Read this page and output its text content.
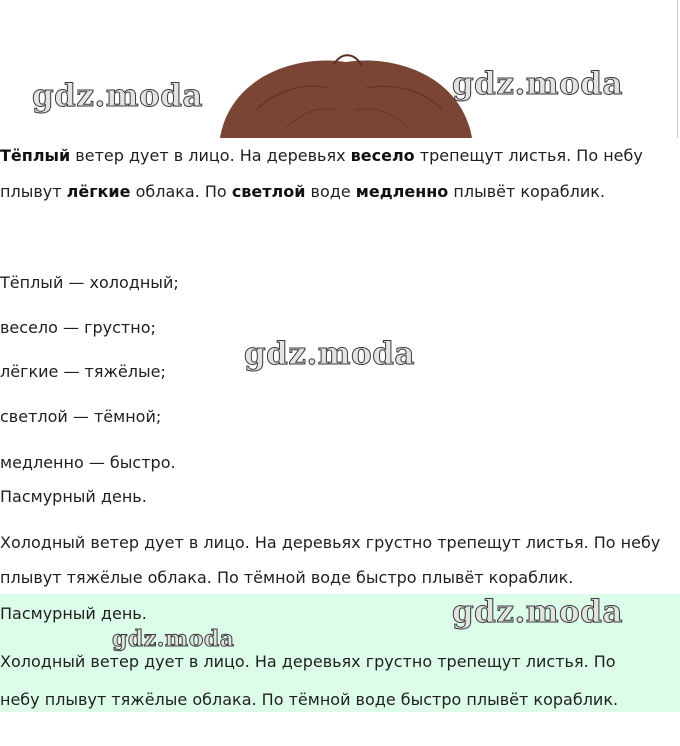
gdz.moda	gdz.moda
gdz.moda
Тёплый ветер дует в лицо. На деревьях весело трепещут листья. По небу
плывут лёгкие облака. По светлой воде медленно плывёт кораблик.
Тёплый — холодный;
весело — грустно;
лёгкие — тяжёлые;
светлой — тёмной;
медленно — быстро.
Пасмурный день.
Холодный ветер дует в лицо. На деревьях грустно трепещут листья. По небу
плывут тяжёлые облака. По тёмной воде быстро плывёт кораблик.
gdz.moda
gdz.moda
Пасмурный день.
Холодный ветер дует в лицо. На деревьях грустно трепещут листья. По
небу плывут тяжёлые облака. По тёмной воде быстро плывёт кораблик.
